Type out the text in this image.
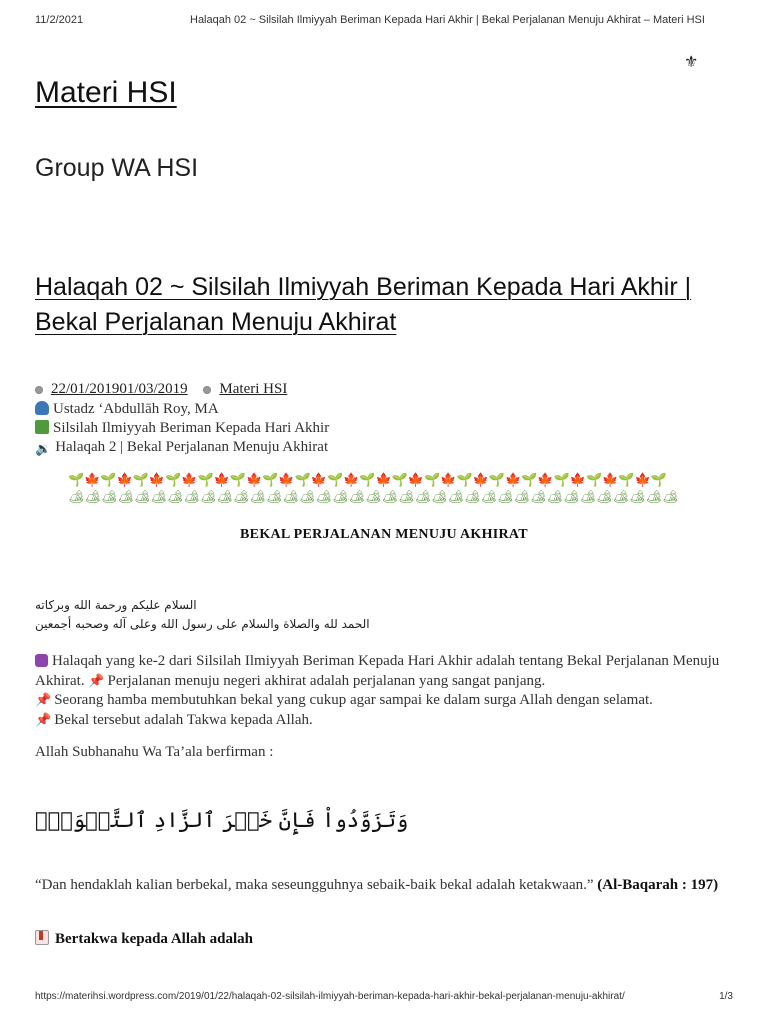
11/2/2021	Halaqah 02 ~ Silsilah Ilmiyyah Beriman Kepada Hari Akhir | Bekal Perjalanan Menuju Akhirat – Materi HSI
⚜
Materi HSI
Group WA HSI
Halaqah 02 ~ Silsilah Ilmiyyah Beriman Kepada Hari Akhir | Bekal Perjalanan Menuju Akhirat
22/01/201901/03/2019 Materi HSI
Ustadz ‘Abdullāh Roy, MA
Silsilah Ilmiyyah Beriman Kepada Hari Akhir
🔉 Halaqah 2 | Bekal Perjalanan Menuju Akhirat
🌱🍁🌱🍁🌱🍁🌱🍁🌱🍁🌱🍁🌱🍁🌱🍁🌱🍁🌱🍁🌱🍁🌱🍁🌱🍁🌱🍁🌱🍁🌱🍁🌱🍁🌱🍁🌱
🏕🏕🏕🏕🏕🏕🏕🏕🏕🏕🏕🏕🏕🏕🏕🏕🏕🏕🏕🏕🏕🏕🏕🏕🏕🏕🏕🏕🏕🏕🏕🏕🏕🏕🏕🏕🏕
BEKAL PERJALANAN MENUJU AKHIRAT
السلام عليكم ورحمة الله وبركاته
الحمد لله والصلاة والسلام على رسول الله وعلى آله وصحبه أجمعين
Halaqah yang ke-2 dari Silsilah Ilmiyyah Beriman Kepada Hari Akhir adalah tentang Bekal Perjalanan Menuju Akhirat. 📌 Perjalanan menuju negeri akhirat adalah perjalanan yang sangat panjang.
📌 Seorang hamba membutuhkan bekal yang cukup agar sampai ke dalam surga Allah dengan selamat.
📌 Bekal tersebut adalah Takwa kepada Allah.
Allah Subhanahu Wa Ta’ala berfirman :
وَتَزَوَّدُواْ فَإِنَّ خَيۡرَ ٱلزَّادِ ٱلتَّقۡوَىٰۚ
“Dan hendaklah kalian berbekal, maka seseungguhnya sebaik-baik bekal adalah ketakwaan.” (Al-Baqarah : 197)
Bertakwa kepada Allah adalah
https://materihsi.wordpress.com/2019/01/22/halaqah-02-silsilah-ilmiyyah-beriman-kepada-hari-akhir-bekal-perjalanan-menuju-akhirat/	1/3
